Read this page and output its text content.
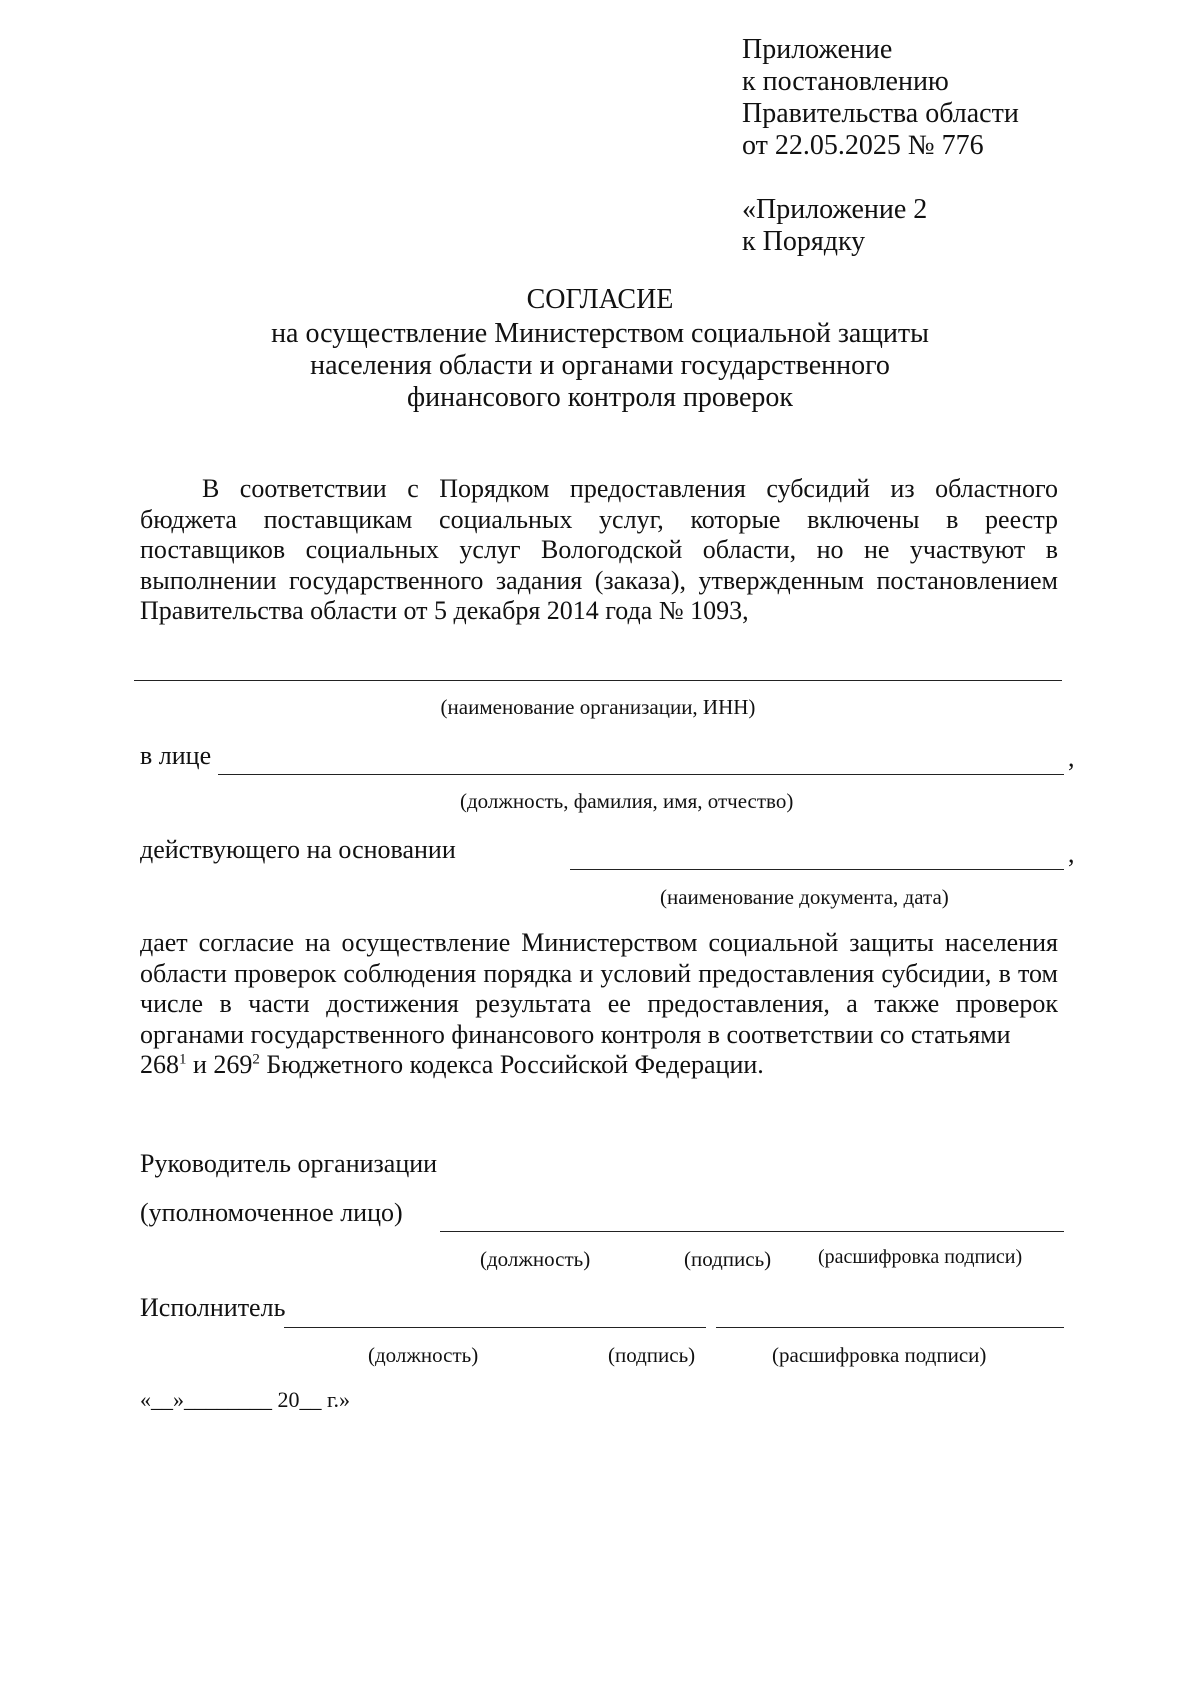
Приложение
к постановлению
Правительства области
от 22.05.2025 № 776
«Приложение 2
к Порядку
СОГЛАСИЕ
на осуществление Министерством социальной защиты
населения области и органами государственного
финансового контроля проверок
В соответствии с Порядком предоставления субсидий из областного бюджета поставщикам социальных услуг, которые включены в реестр поставщиков социальных услуг Вологодской области, но не участвуют в выполнении государственного задания (заказа), утвержденным постановлением Правительства области от 5 декабря 2014 года № 1093,
(наименование организации, ИНН)
в лице	,
(должность, фамилия, имя, отчество)
действующего на основании	,
(наименование документа, дата)
дает согласие на осуществление Министерством социальной защиты населения области проверок соблюдения порядка и условий предоставления субсидии, в том числе в части достижения результата ее предоставления, а также проверок органами государственного финансового контроля в соответствии со статьями
$268^1$ и $269^2$ Бюджетного кодекса Российской Федерации.
Руководитель организации
(уполномоченное лицо)
(должность)	(подпись) (расшифровка подписи)
Исполнитель
(должность)	(подпись)	(расшифровка подписи)
«__»________ 20__ г.»
